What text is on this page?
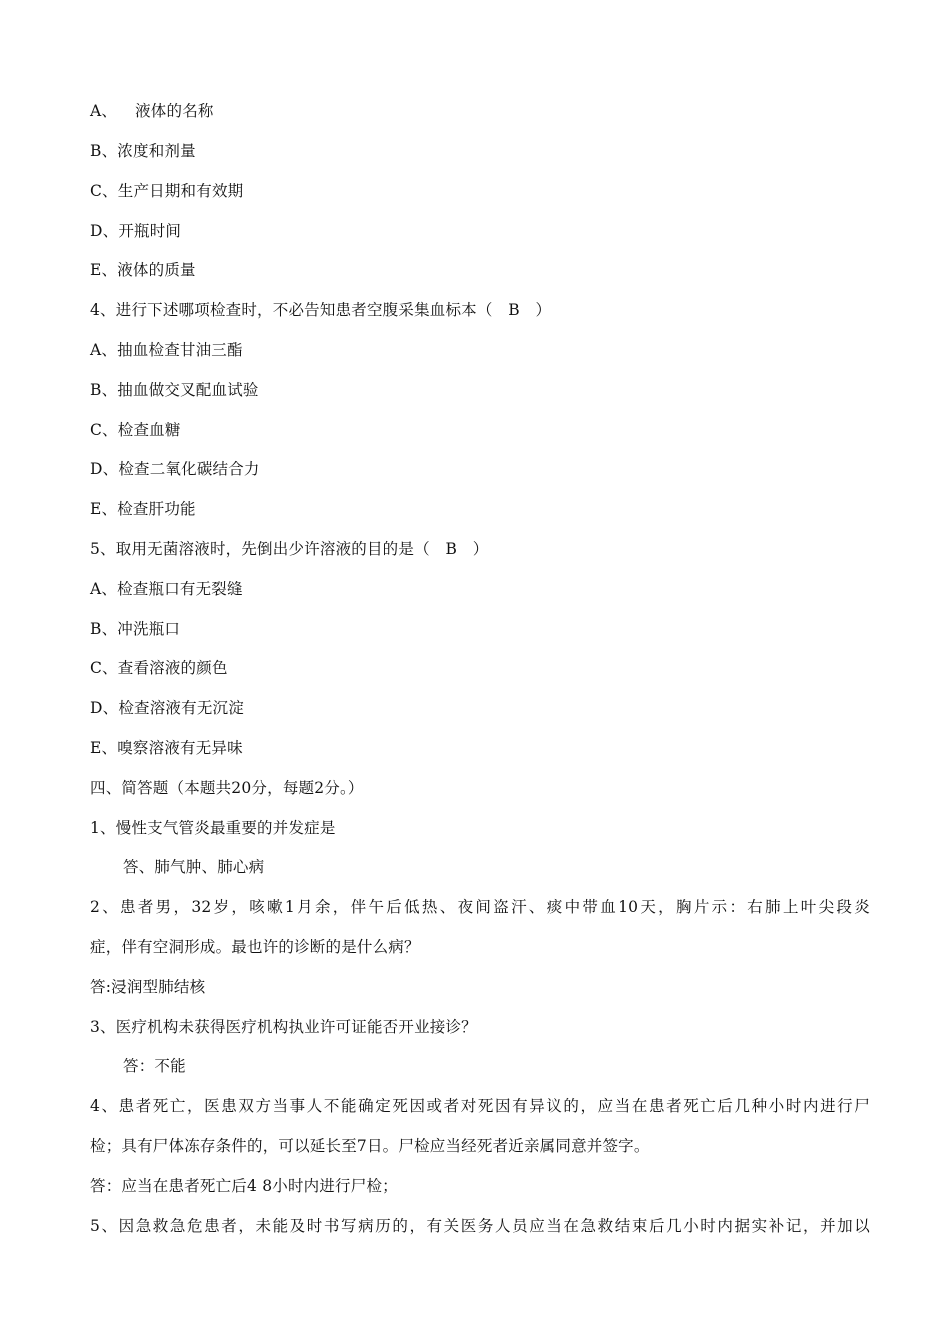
A、 液体的名称
B、浓度和剂量
C、生产日期和有效期
D、开瓶时间
E、液体的质量
4、进行下述哪项检查时，不必告知患者空腹采集血标本（　B　）
A、抽血检查甘油三酯
B、抽血做交叉配血试验
C、检查血糖
D、检查二氧化碳结合力
E、检查肝功能
5、取用无菌溶液时，先倒出少许溶液的目的是（　B　）
A、检查瓶口有无裂缝
B、冲洗瓶口
C、查看溶液的颜色
D、检查溶液有无沉淀
E、嗅察溶液有无异味
四、简答题（本题共20分，每题2分。）
1、慢性支气管炎最重要的并发症是
答、肺气肿、肺心病
2、患者男，32岁，咳嗽1月余，伴午后低热、夜间盗汗、痰中带血10天，胸片示：右肺上叶尖段炎
症，伴有空洞形成。最也许的诊断的是什么病？
答:浸润型肺结核
3、医疗机构未获得医疗机构执业许可证能否开业接诊？
答：不能
4、患者死亡，医患双方当事人不能确定死因或者对死因有异议的，应当在患者死亡后几种小时内进行尸
检；具有尸体冻存条件的，可以延长至7日。尸检应当经死者近亲属同意并签字。
答：应当在患者死亡后4 8小时内进行尸检；
5、因急救急危患者，未能及时书写病历的，有关医务人员应当在急救结束后几小时内据实补记，并加以
